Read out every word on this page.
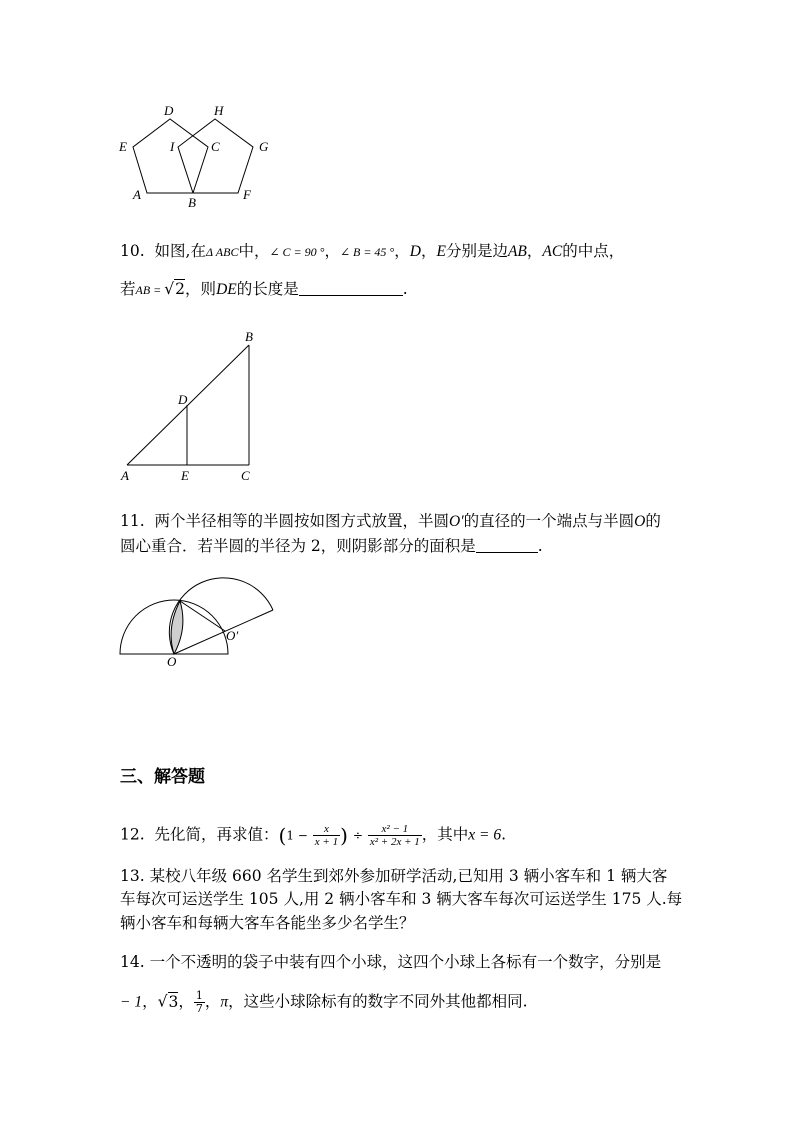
D	H
E	I	C	G
A
B
F
10. 如图,在Δ ABC中，∠ C = 90 °，∠ B = 45 °，D，E分别是边AB，AC的中点，
若AB = √2，则DE的长度是	.
B
D
A	E	C
11. 两个半径相等的半圆按如图方式放置，半圆O′的直径的一个端点与半圆O的
圆心重合．若半圆的半径为 2，则阴影部分的面积是	.
O′
O
三、解答题
12. 先化简，再求值：($1 - \frac{x}{x + 1}$ ) ÷ $\frac{\text{x² − 1}}{\text{x² + 2x + 1}}$ ，其中x = 6.
13. 某校八年级 660 名学生到郊外参加研学活动,已知用 3 辆小客车和 1 辆大客
车每次可运送学生 105 人,用 2 辆小客车和 3 辆大客车每次可运送学生 175 人.每
辆小客车和每辆大客车各能坐多少名学生？
14. 一个不透明的袋子中装有四个小球，这四个小球上各标有一个数字，分别是
− 1，√3， $\frac{1}{7}$ ，π，这些小球除标有的数字不同外其他都相同.
